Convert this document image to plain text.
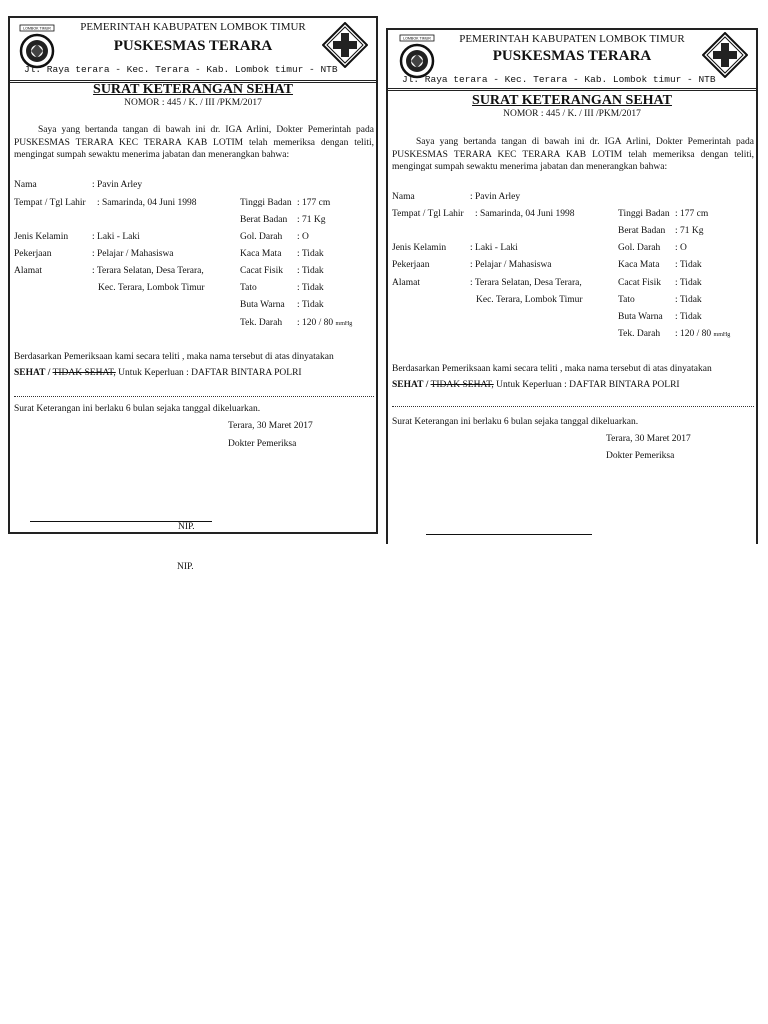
LOMBOK TIMUR	PEMERINTAH KABUPATEN LOMBOK TIMUR
PUSKESMAS TERARA
Jl. Raya terara - Kec. Terara - Kab. Lombok timur - NTB
SURAT KETERANGAN SEHAT
NOMOR : 445 / K. / III /PKM/2017
Saya yang bertanda tangan di bawah ini dr. IGA Arlini, Dokter Pemerintah pada PUSKESMAS TERARA KEC TERARA KAB LOTIM telah memeriksa dengan teliti, mengingat sumpah sewaktu menerima jabatan dan menerangkan bahwa:
Nama	: Pavin Arley
Tempat / Tgl Lahir : Samarinda, 04 Juni 1998
Jenis Kelamin	: Laki - Laki
Pekerjaan	: Pelajar / Mahasiswa
Alamat	: Terara Selatan, Desa Terara,
Kec. Terara, Lombok Timur
Tinggi Badan : 177 cm
Berat Badan : 71 Kg
Gol. Darah : O
Kaca Mata : Tidak
Cacat Fisik : Tidak
Tato	: Tidak
Buta Warna : Tidak
Tek. Darah : 120 / 80 mmHg
Berdasarkan Pemeriksaan kami secara teliti , maka nama tersebut di atas dinyatakan
SEHAT / TIDAK SEHAT, Untuk Keperluan : DAFTAR BINTARA POLRI
Surat Keterangan ini berlaku 6 bulan sejaka tanggal dikeluarkan.
Terara, 30 Maret 2017
Dokter Pemeriksa
NIP.
LOMBOK TIMUR	PEMERINTAH KABUPATEN LOMBOK TIMUR
PUSKESMAS TERARA
Jl. Raya terara - Kec. Terara - Kab. Lombok timur - NTB
SURAT KETERANGAN SEHAT
NOMOR : 445 / K. / III /PKM/2017
Saya yang bertanda tangan di bawah ini dr. IGA Arlini, Dokter Pemerintah pada PUSKESMAS TERARA KEC TERARA KAB LOTIM telah memeriksa dengan teliti, mengingat sumpah sewaktu menerima jabatan dan menerangkan bahwa:
Nama	: Pavin Arley
Tempat / Tgl Lahir : Samarinda, 04 Juni 1998
Jenis Kelamin	: Laki - Laki
Pekerjaan	: Pelajar / Mahasiswa
Alamat	: Terara Selatan, Desa Terara,
Kec. Terara, Lombok Timur
Tinggi Badan : 177 cm
Berat Badan : 71 Kg
Gol. Darah : O
Kaca Mata : Tidak
Cacat Fisik : Tidak
Tato	: Tidak
Buta Warna : Tidak
Tek. Darah : 120 / 80 mmHg
Berdasarkan Pemeriksaan kami secara teliti , maka nama tersebut di atas dinyatakan
SEHAT / TIDAK SEHAT, Untuk Keperluan : DAFTAR BINTARA POLRI
Surat Keterangan ini berlaku 6 bulan sejaka tanggal dikeluarkan.
Terara, 30 Maret 2017
Dokter Pemeriksa
NIP.
